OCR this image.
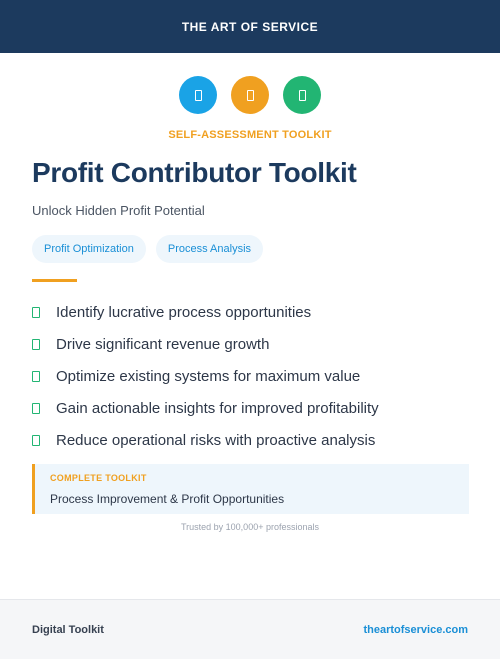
THE ART OF SERVICE
SELF-ASSESSMENT TOOLKIT
Profit Contributor Toolkit
Unlock Hidden Profit Potential
Profit Optimization	Process Analysis
Identify lucrative process opportunities
Drive significant revenue growth
Optimize existing systems for maximum value
Gain actionable insights for improved profitability
Reduce operational risks with proactive analysis
COMPLETE TOOLKIT
Process Improvement & Profit Opportunities
Trusted by 100,000+ professionals
Digital Toolkit	theartofservice.com
